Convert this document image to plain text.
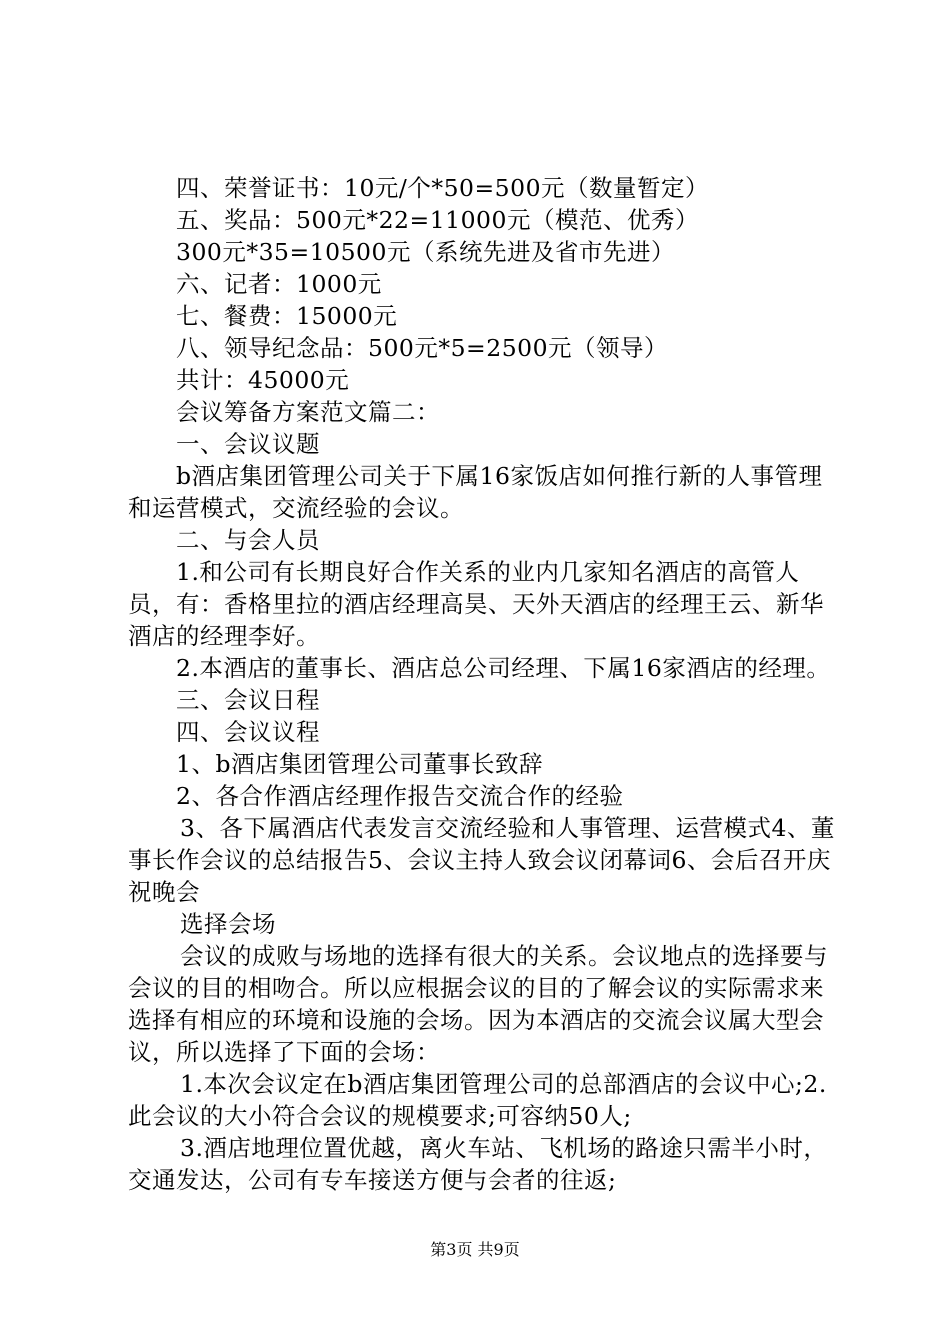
四、荣誉证书：10元/个*50=500元（数量暂定）

五、奖品：500元*22=11000元（模范、优秀）

300元*35=10500元（系统先进及省市先进）

六、记者：1000元

七、餐费：15000元

八、领导纪念品：500元*5=2500元（领导）

共计：45000元

会议筹备方案范文篇二：

一、会议议题

b酒店集团管理公司关于下属16家饭店如何推行新的人事管理和运营模式，交流经验的会议。

二、与会人员

1.和公司有长期良好合作关系的业内几家知名酒店的高管人员，有：香格里拉的酒店经理高昊、天外天酒店的经理王云、新华酒店的经理李好。

2.本酒店的董事长、酒店总公司经理、下属16家酒店的经理。

三、会议日程

四、会议议程

1、b酒店集团管理公司董事长致辞

2、各合作酒店经理作报告交流合作的经验

3、各下属酒店代表发言交流经验和人事管理、运营模式4、董事长作会议的总结报告5、会议主持人致会议闭幕词6、会后召开庆祝晚会

选择会场

会议的成败与场地的选择有很大的关系。会议地点的选择要与会议的目的相吻合。所以应根据会议的目的了解会议的实际需求来选择有相应的环境和设施的会场。因为本酒店的交流会议属大型会议，所以选择了下面的会场：

1.本次会议定在b酒店集团管理公司的总部酒店的会议中心;2.此会议的大小符合会议的规模要求;可容纳50人;

3.酒店地理位置优越，离火车站、飞机场的路途只需半小时，交通发达，公司有专车接送方便与会者的往返;

第3页 共9页
